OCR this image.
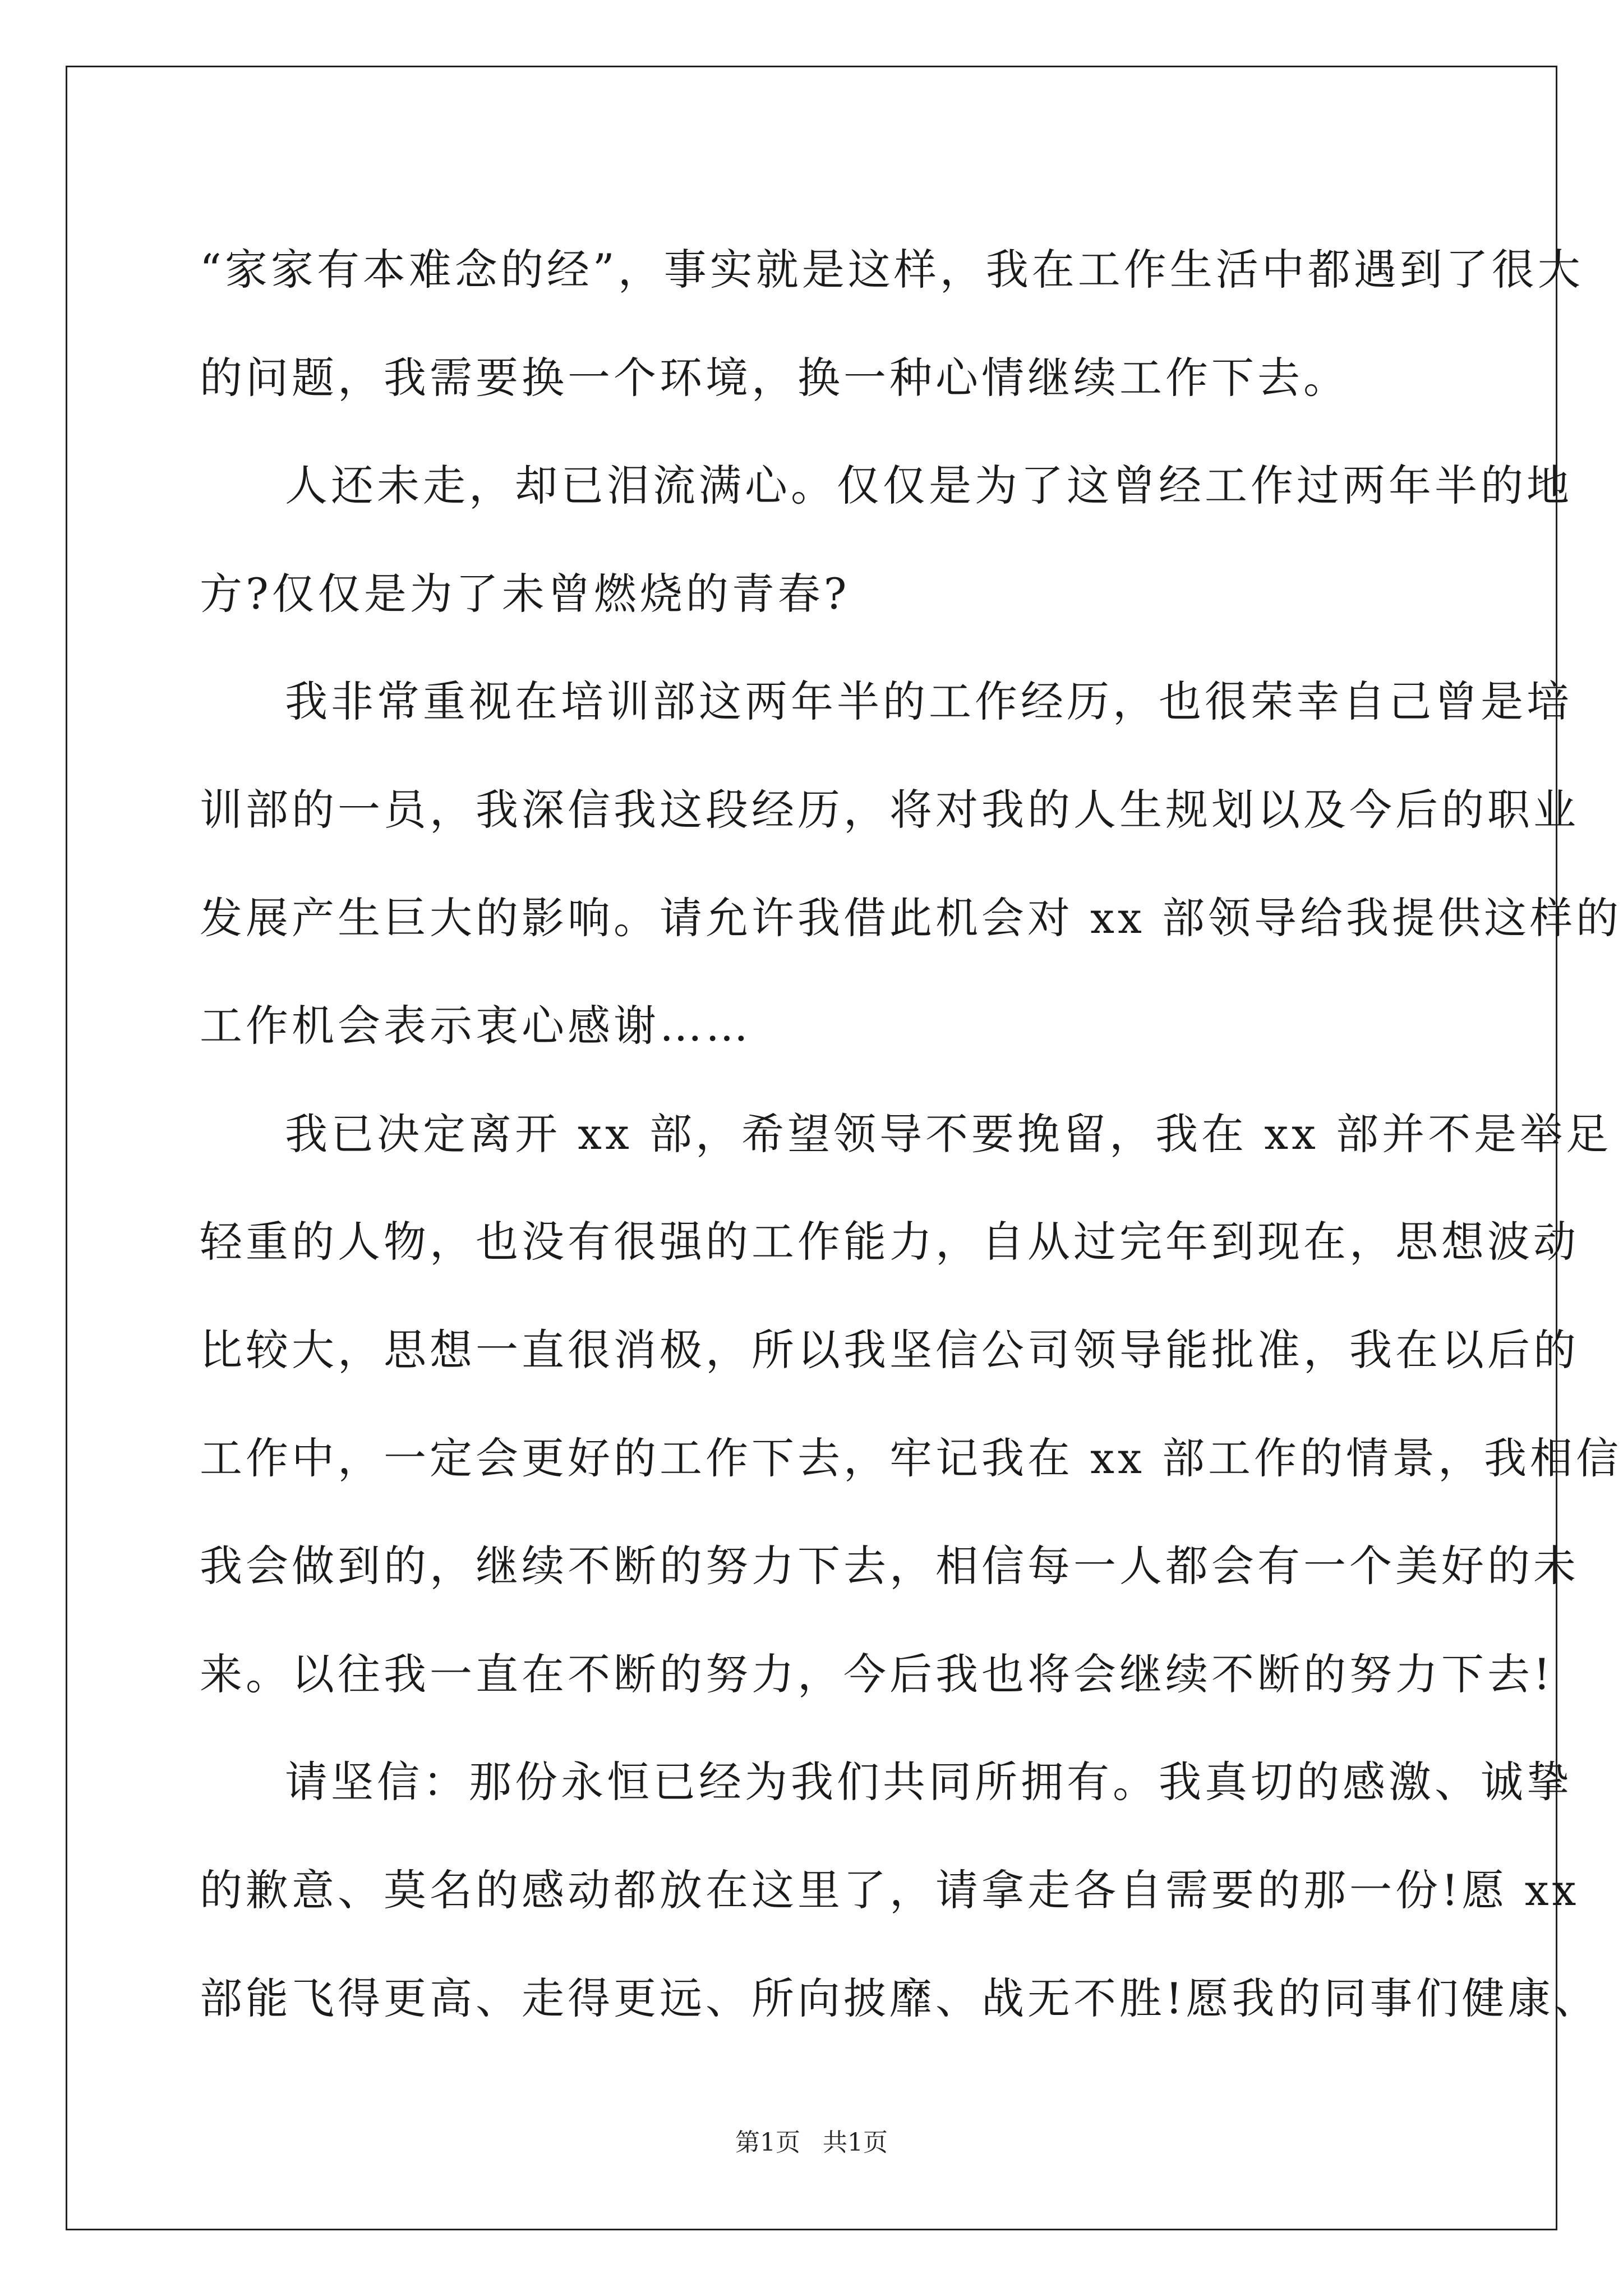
“家家有本难念的经”，事实就是这样，我在工作生活中都遇到了很大

的问题，我需要换一个环境，换一种心情继续工作下去。

人还未走，却已泪流满心。仅仅是为了这曾经工作过两年半的地

方?仅仅是为了未曾燃烧的青春?

我非常重视在培训部这两年半的工作经历，也很荣幸自己曾是培

训部的一员，我深信我这段经历，将对我的人生规划以及今后的职业

发展产生巨大的影响。请允许我借此机会对 xx 部领导给我提供这样的

工作机会表示衷心感谢……

我已决定离开 xx 部，希望领导不要挽留，我在 xx 部并不是举足

轻重的人物，也没有很强的工作能力，自从过完年到现在，思想波动

比较大，思想一直很消极，所以我坚信公司领导能批准，我在以后的

工作中，一定会更好的工作下去，牢记我在 xx 部工作的情景，我相信

我会做到的，继续不断的努力下去，相信每一人都会有一个美好的未

来。以往我一直在不断的努力，今后我也将会继续不断的努力下去!

请坚信：那份永恒已经为我们共同所拥有。我真切的感激、诚挚

的歉意、莫名的感动都放在这里了，请拿走各自需要的那一份!愿 xx

部能飞得更高、走得更远、所向披靡、战无不胜!愿我的同事们健康、

第1页 共1页
